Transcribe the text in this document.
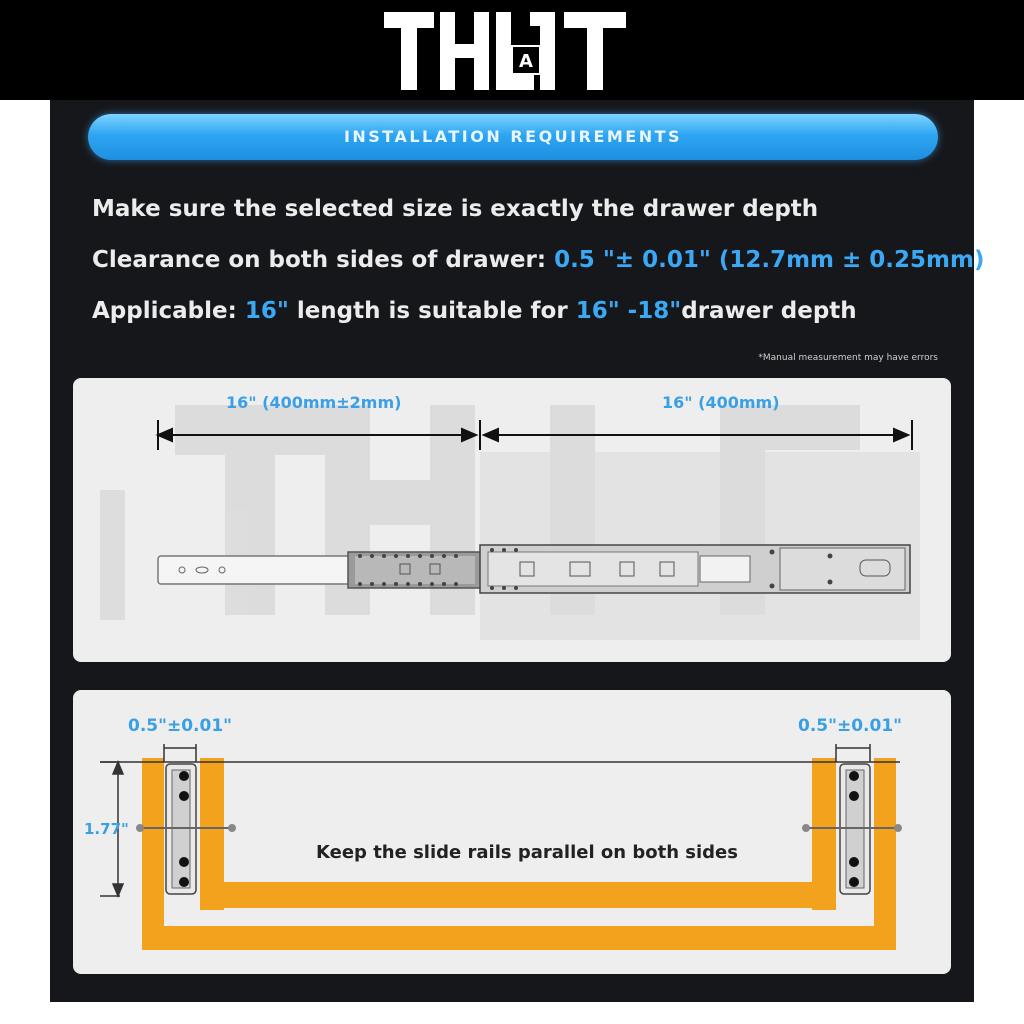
A
INSTALLATION REQUIREMENTS
Make sure the selected size is exactly the drawer depth
Clearance on both sides of drawer: 0.5 "± 0.01" (12.7mm ± 0.25mm)
Applicable: 16" length is suitable for 16" -18"drawer depth
*Manual measurement may have errors
16" (400mm±2mm)	16" (400mm)
0.5"±0.01"	0.5"±0.01"
1.77"
Keep the slide rails parallel on both sides
